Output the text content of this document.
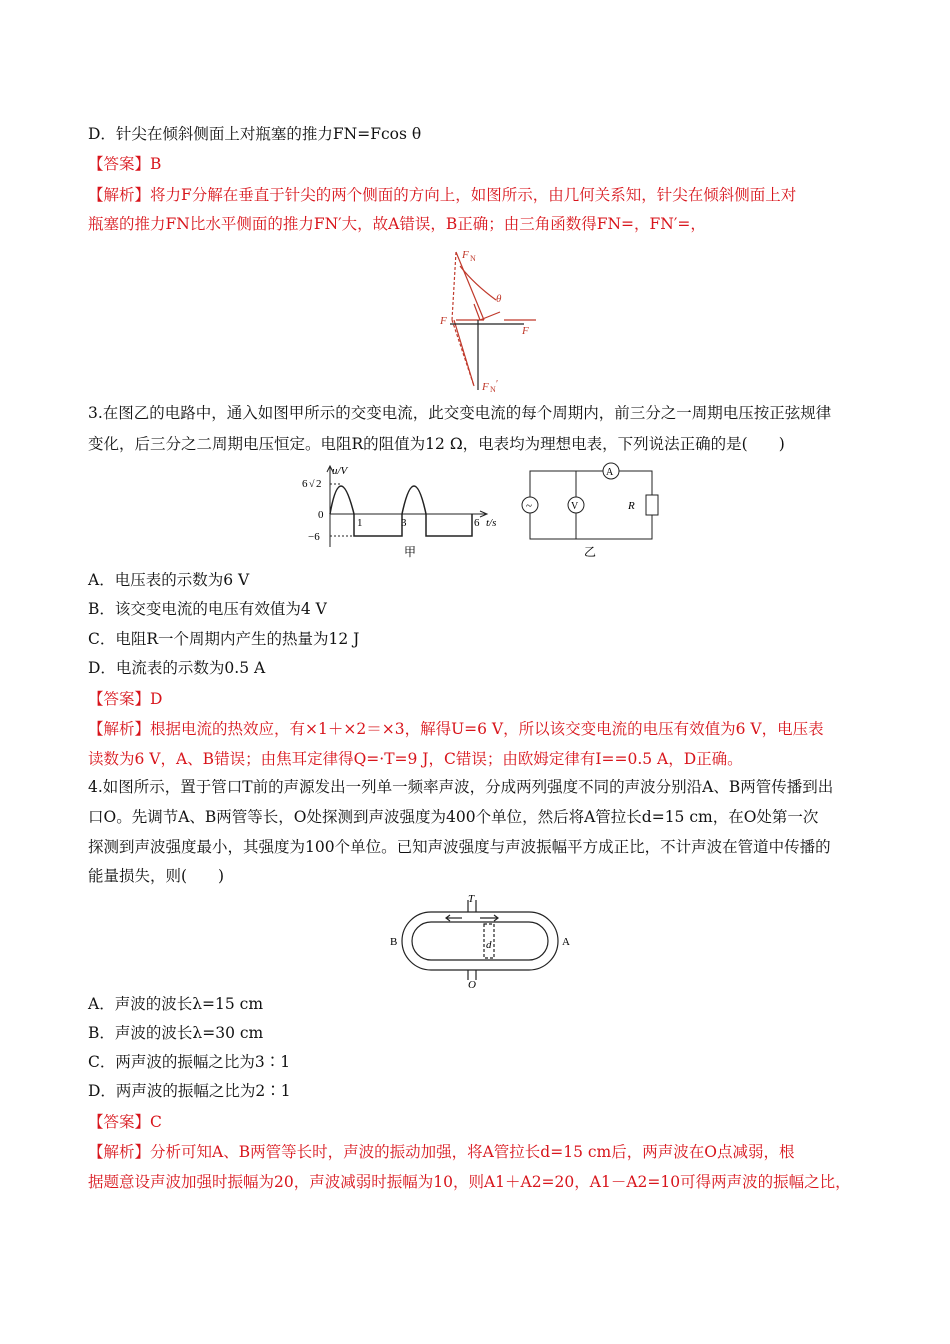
D．针尖在倾斜侧面上对瓶塞的推力FN=Fcos θ
【答案】B
【解析】将力F分解在垂直于针尖的两个侧面的方向上，如图所示，由几何关系知，针尖在倾斜侧面上对
瓶塞的推力FN比水平侧面的推力FN′大，故A错误，B正确；由三角函数得FN=，FN′=，
F N
θ
F
F
F N ′
3.在图乙的电路中，通入如图甲所示的交变电流，此交变电流的每个周期内，前三分之一周期电压按正弦规律
变化，后三分之二周期电压恒定。电阻R的阻值为12 Ω，电表均为理想电表，下列说法正确的是(　　)
u/V
6 √ 2
0
−6
1	3	6 t/s
甲
~	V
A
R
乙
A．电压表的示数为6 V
B．该交变电流的电压有效值为4 V
C．电阻R一个周期内产生的热量为12 J
D．电流表的示数为0.5 A
【答案】D
【解析】根据电流的热效应，有×1＋×2＝×3，解得U=6 V，所以该交变电流的电压有效值为6 V，电压表
读数为6 V，A、B错误；由焦耳定律得Q=·T=9 J，C错误；由欧姆定律有I==0.5 A，D正确。
4.如图所示，置于管口T前的声源发出一列单一频率声波，分成两列强度不同的声波分别沿A、B两管传播到出
口O。先调节A、B两管等长，O处探测到声波强度为400个单位，然后将A管拉长d=15 cm，在O处第一次
探测到声波强度最小，其强度为100个单位。已知声波强度与声波振幅平方成正比，不计声波在管道中传播的
能量损失，则(　　)
T
O
B	A
d
A．声波的波长λ=15 cm
B．声波的波长λ=30 cm
C．两声波的振幅之比为3∶1
D．两声波的振幅之比为2∶1
【答案】C
【解析】分析可知A、B两管等长时，声波的振动加强，将A管拉长d=15 cm后，两声波在O点减弱，根
据题意设声波加强时振幅为20，声波减弱时振幅为10，则A1＋A2=20，A1－A2=10可得两声波的振幅之比，
